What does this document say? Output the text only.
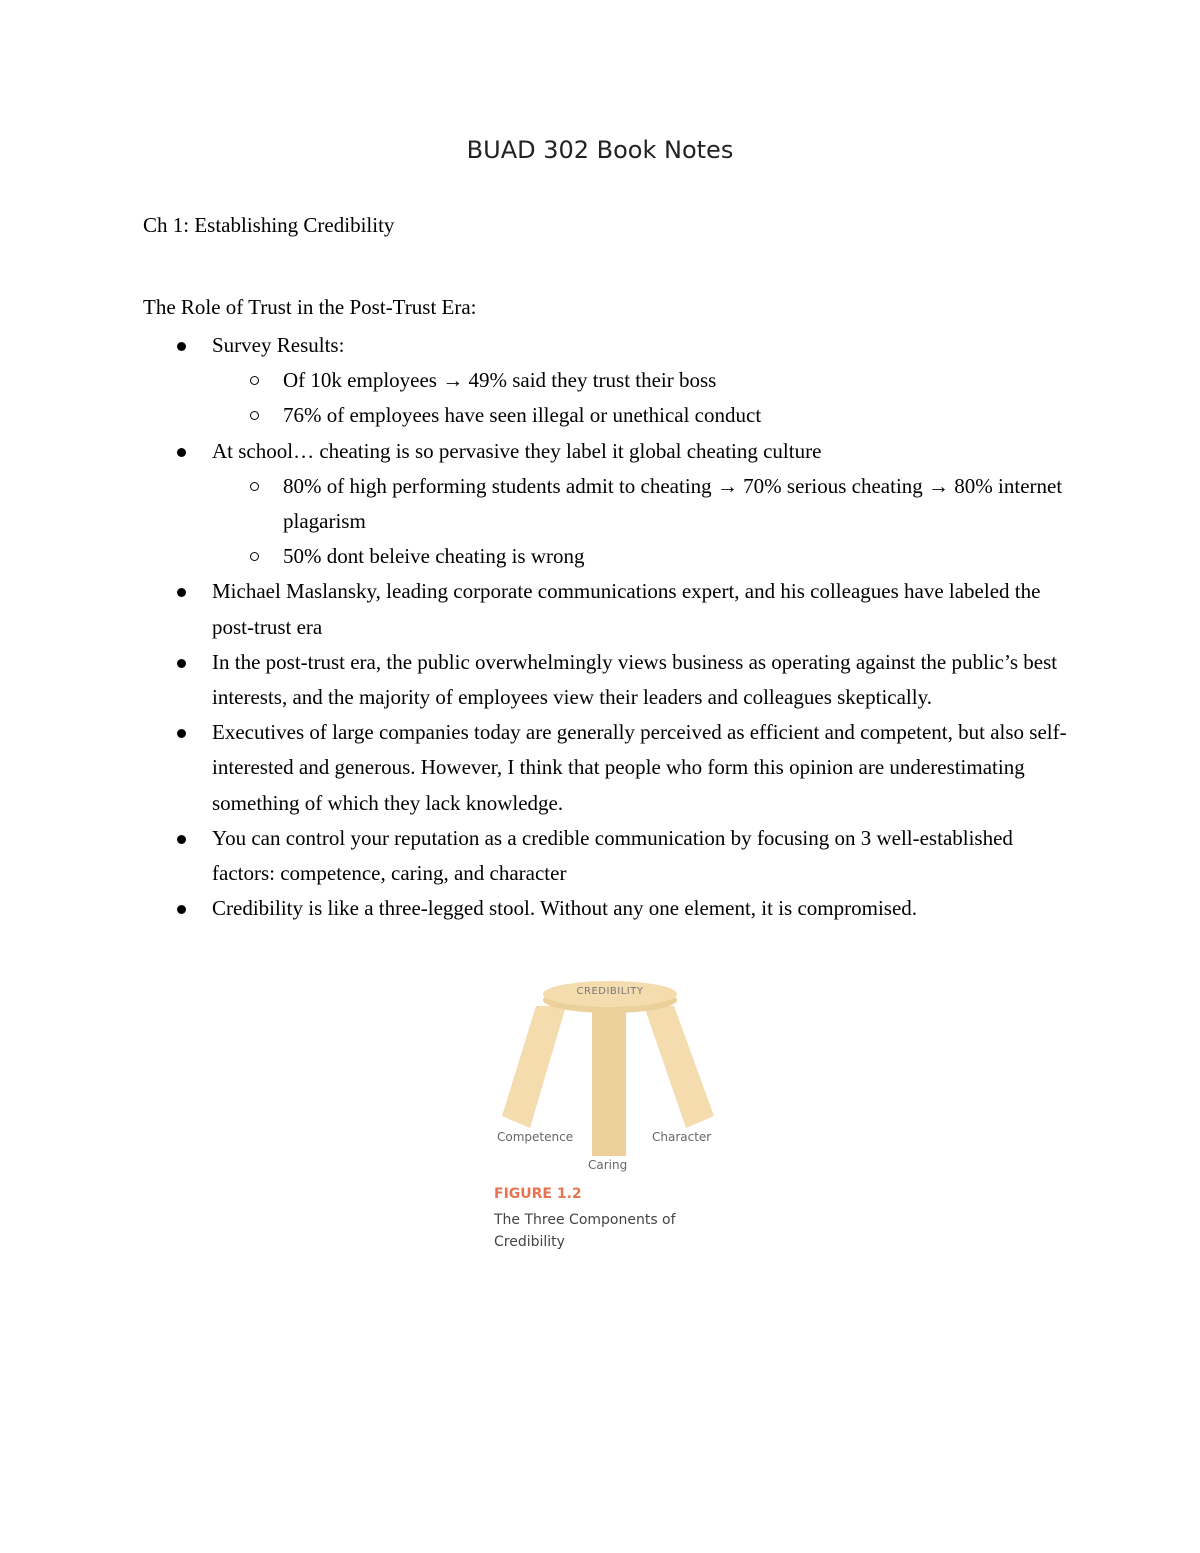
BUAD 302 Book Notes

Ch 1: Establishing Credibility

The Role of Trust in the Post-Trust Era:

Survey Results:
Of 10k employees → 49% said they trust their boss
76% of employees have seen illegal or unethical conduct
At school… cheating is so pervasive they label it global cheating culture
80% of high performing students admit to cheating → 70% serious cheating → 80% internet plagarism
50% dont beleive cheating is wrong
Michael Maslansky, leading corporate communications expert, and his colleagues have labeled the post-trust era
In the post-trust era, the public overwhelmingly views business as operating against the public’s best interests, and the majority of employees view their leaders and colleagues skeptically.
Executives of large companies today are generally perceived as efficient and competent, but also self-interested and generous. However, I think that people who form this opinion are underestimating something of which they lack knowledge.
You can control your reputation as a credible communication by focusing on 3 well-established factors: competence, caring, and character
Credibility is like a three-legged stool. Without any one element, it is compromised.
CREDIBILITY
Competence	Character
Caring
FIGURE 1.2
The Three Components of Credibility
